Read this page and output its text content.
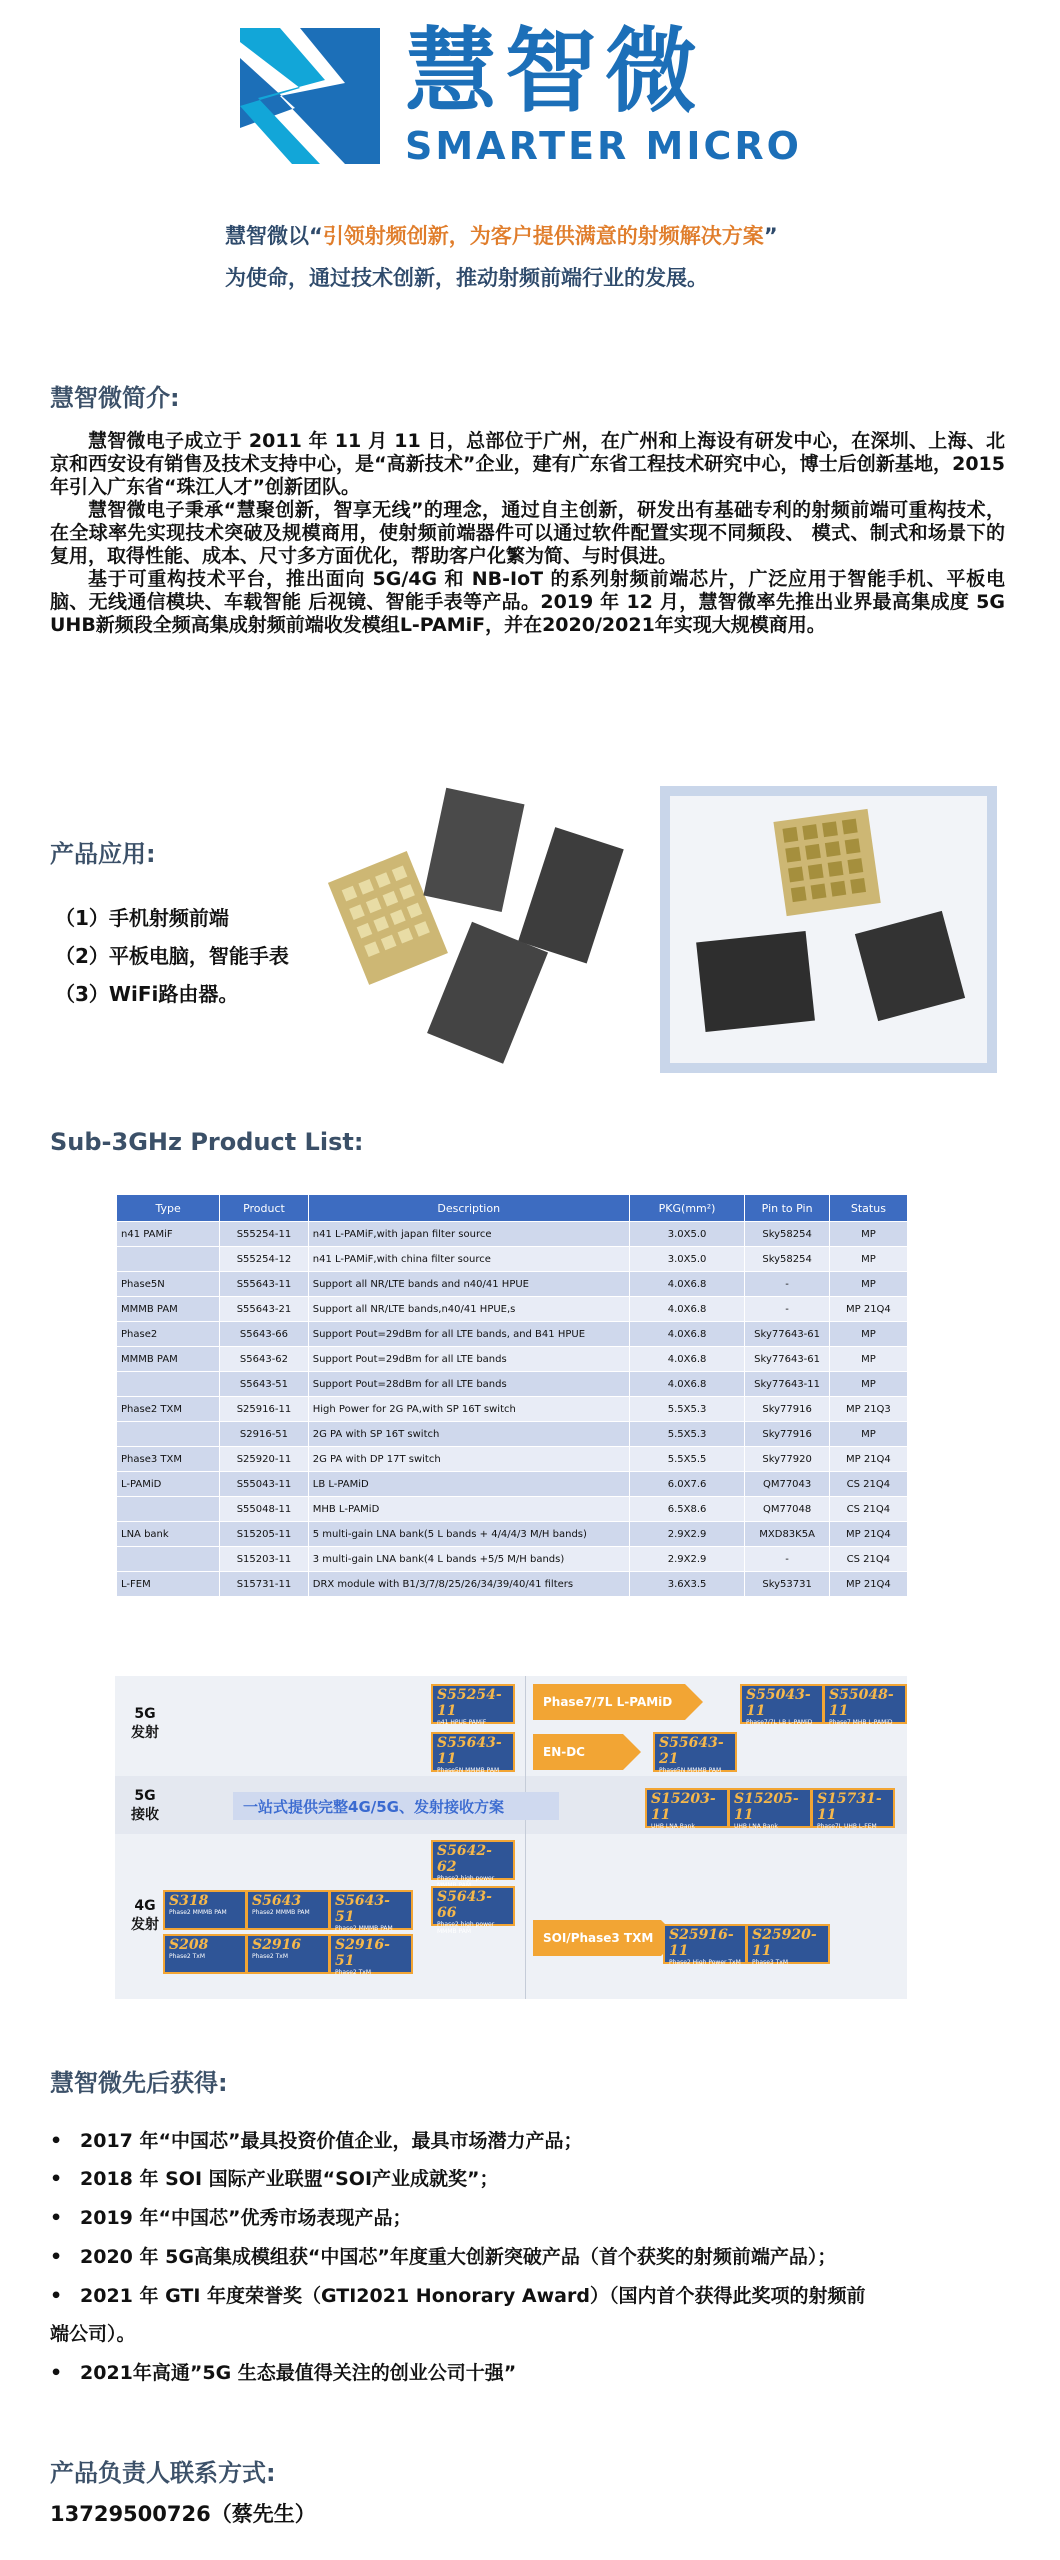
慧智微
SMARTER MICRO
慧智微以“引领射频创新，为客户提供满意的射频解决方案”
为使命，通过技术创新，推动射频前端行业的发展。
慧智微简介:

慧智微电子成立于 2011 年 11 月 11 日，总部位于广州，在广州和上海设有研发中心，在深圳、上海、北京和西安设有销售及技术支持中心，是“高新技术”企业，建有广东省工程技术研究中心，博士后创新基地，2015 年引入广东省“珠江人才”创新团队。

慧智微电子秉承“慧聚创新，智享无线”的理念，通过自主创新，研发出有基础专利的射频前端可重构技术，在全球率先实现技术突破及规模商用，使射频前端器件可以通过软件配置实现不同频段、 模式、制式和场景下的复用，取得性能、成本、尺寸多方面优化，帮助客户化繁为简、与时俱进。

基于可重构技术平台，推出面向 5G/4G 和 NB-IoT 的系列射频前端芯片，广泛应用于智能手机、平板电脑、无线通信模块、车载智能 后视镜、智能手表等产品。2019 年 12 月，慧智微率先推出业界最高集成度 5G UHB新频段全频高集成射频前端收发模组L-PAMiF，并在2020/2021年实现大规模商用。

产品应用:
（1）手机射频前端
（2）平板电脑，智能手表
（3）WiFi路由器。
Sub-3GHz Product List:
Type	Product	Description	PKG(mm²)	Pin to Pin	Status
n41 PAMiF	S55254-11	n41 L-PAMiF,with japan filter source	3.0X5.0	Sky58254	MP
	S55254-12	n41 L-PAMiF,with china filter source	3.0X5.0	Sky58254	MP
Phase5N	S55643-11	Support all NR/LTE bands and n40/41 HPUE	4.0X6.8	-	MP
MMMB PAM	S55643-21	Support all NR/LTE bands,n40/41 HPUE,s	4.0X6.8	-	MP 21Q4
Phase2	S5643-66	Support Pout=29dBm for all LTE bands, and B41 HPUE	4.0X6.8	Sky77643-61	MP
MMMB PAM	S5643-62	Support Pout=29dBm for all LTE bands	4.0X6.8	Sky77643-61	MP
	S5643-51	Support Pout=28dBm for all LTE bands	4.0X6.8	Sky77643-11	MP
Phase2 TXM	S25916-11	High Power for 2G PA,with SP 16T switch	5.5X5.3	Sky77916	MP 21Q3
	S2916-51	2G PA with SP 16T switch	5.5X5.3	Sky77916	MP
Phase3 TXM	S25920-11	2G PA with DP 17T switch	5.5X5.5	Sky77920	MP 21Q4
L-PAMiD	S55043-11	LB L-PAMiD	6.0X7.6	QM77043	CS 21Q4
	S55048-11	MHB L-PAMiD	6.5X8.6	QM77048	CS 21Q4
LNA bank	S15205-11	5 multi-gain LNA bank(5 L bands + 4/4/4/3 M/H bands)	2.9X2.9	MXD83K5A	MP 21Q4
	S15203-11	3 multi-gain LNA bank(4 L bands +5/5 M/H bands)	2.9X2.9	-	CS 21Q4
L-FEM	S15731-11	DRX module with B1/3/7/8/25/26/34/39/40/41 filters	3.6X3.5	Sky53731	MP 21Q4
5G
发射
5G
接收
4G
发射
一站式提供完整4G/5G、发射接收方案
Phase7/7L L-PAMiD
EN-DC
SOI/Phase3 TXM
S55254-11
n41 HPUE PAMiF
S55643-11
Phase5N MMMB PAM
S55043-11
Phase7/7L LB L-PAMiD
S55048-11
Phase7 MHB L-PAMiD
S55643-21
Phase5N MMMB PAM
S15203-11
UHB LNA Bank
S15205-11
UHB LNA Bank
S15731-11
Phase7L UHB L-FEM
S5642-62
Phase2 high power
S318
Phase2 MMMB PAM
S5643
Phase2 MMMB PAM
S5643-51
Phase2 MMMB PAM
S5643-66
Phase2 high power MMMB PAM
S208
Phase2 TxM
S2916
Phase2 TxM
S2916-51
Phase2 TxM
S25916-11
Phase2 High Power TxM
S25920-11
Phase3 TxM
慧智微先后获得:
• 2017 年“中国芯”最具投资价值企业，最具市场潜力产品；
• 2018 年 SOI 国际产业联盟“SOI产业成就奖”；
• 2019 年“中国芯”优秀市场表现产品；
• 2020 年 5G高集成模组获“中国芯”年度重大创新突破产品（首个获奖的射频前端产品）；
• 2021 年 GTI 年度荣誉奖（GTI2021 Honorary Award）（国内首个获得此奖项的射频前
端公司）。
• 2021年高通”5G 生态最值得关注的创业公司十强”
产品负责人联系方式:
13729500726（蔡先生）
